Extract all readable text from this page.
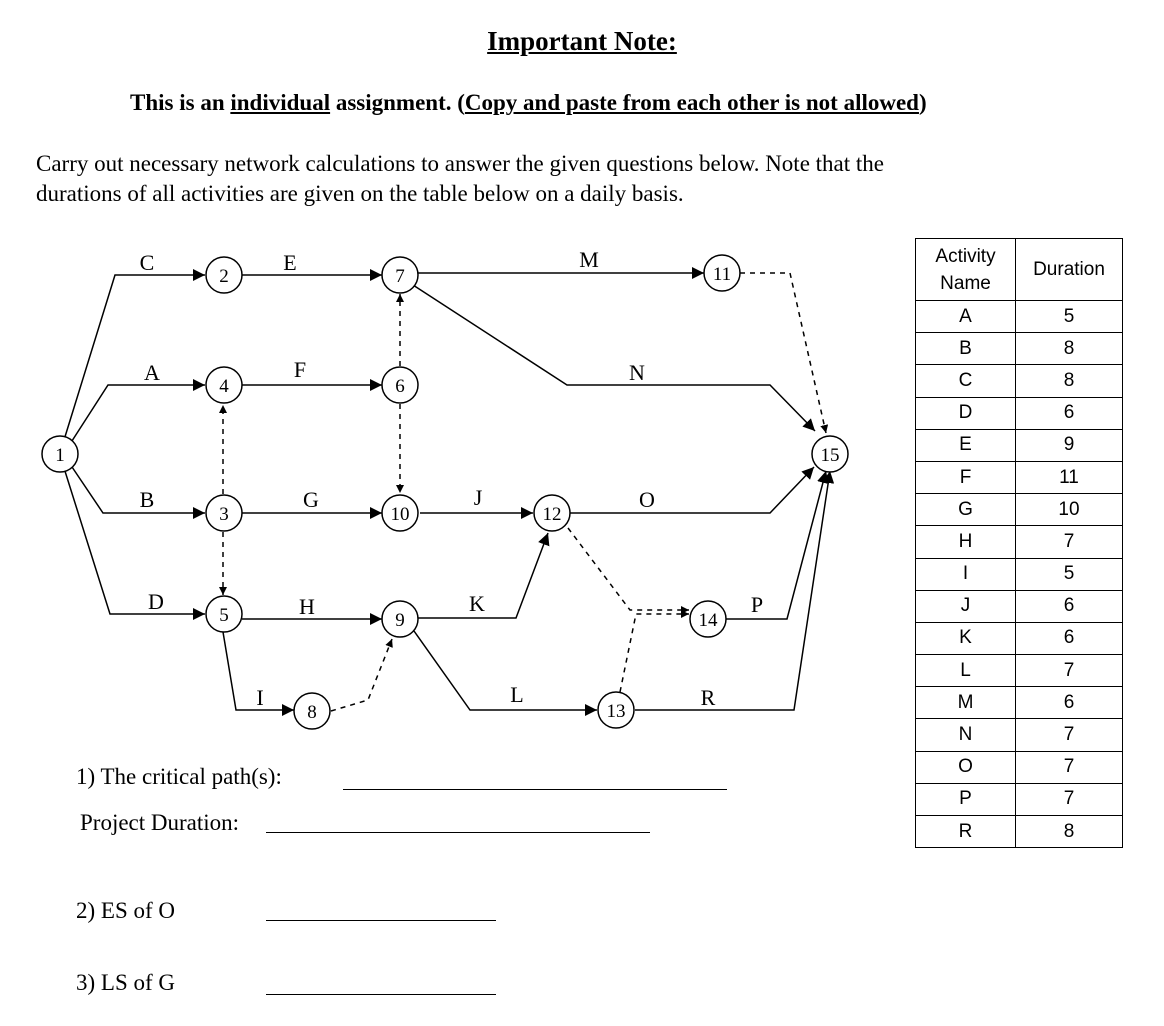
Important Note:
This is an individual assignment. (Copy and paste from each other is not allowed)
Carry out necessary network calculations to answer the given questions below. Note that the
durations of all activities are given on the table below on a daily basis.
1
2
3
4
5
6
7
8
9
10
11
12
13
14
15
A
B
C
D
E
F
G
H
I
J
K
L
M
N
O
P
R
Activity
Name	Duration
A	5
B	8
C	8
D	6
E	9
F	11
G	10
H	7
I	5
J	6
K	6
L	7
M	6
N	7
O	7
P	7
R	8
1) The critical path(s):
Project Duration:
2) ES of O
3) LS of G
